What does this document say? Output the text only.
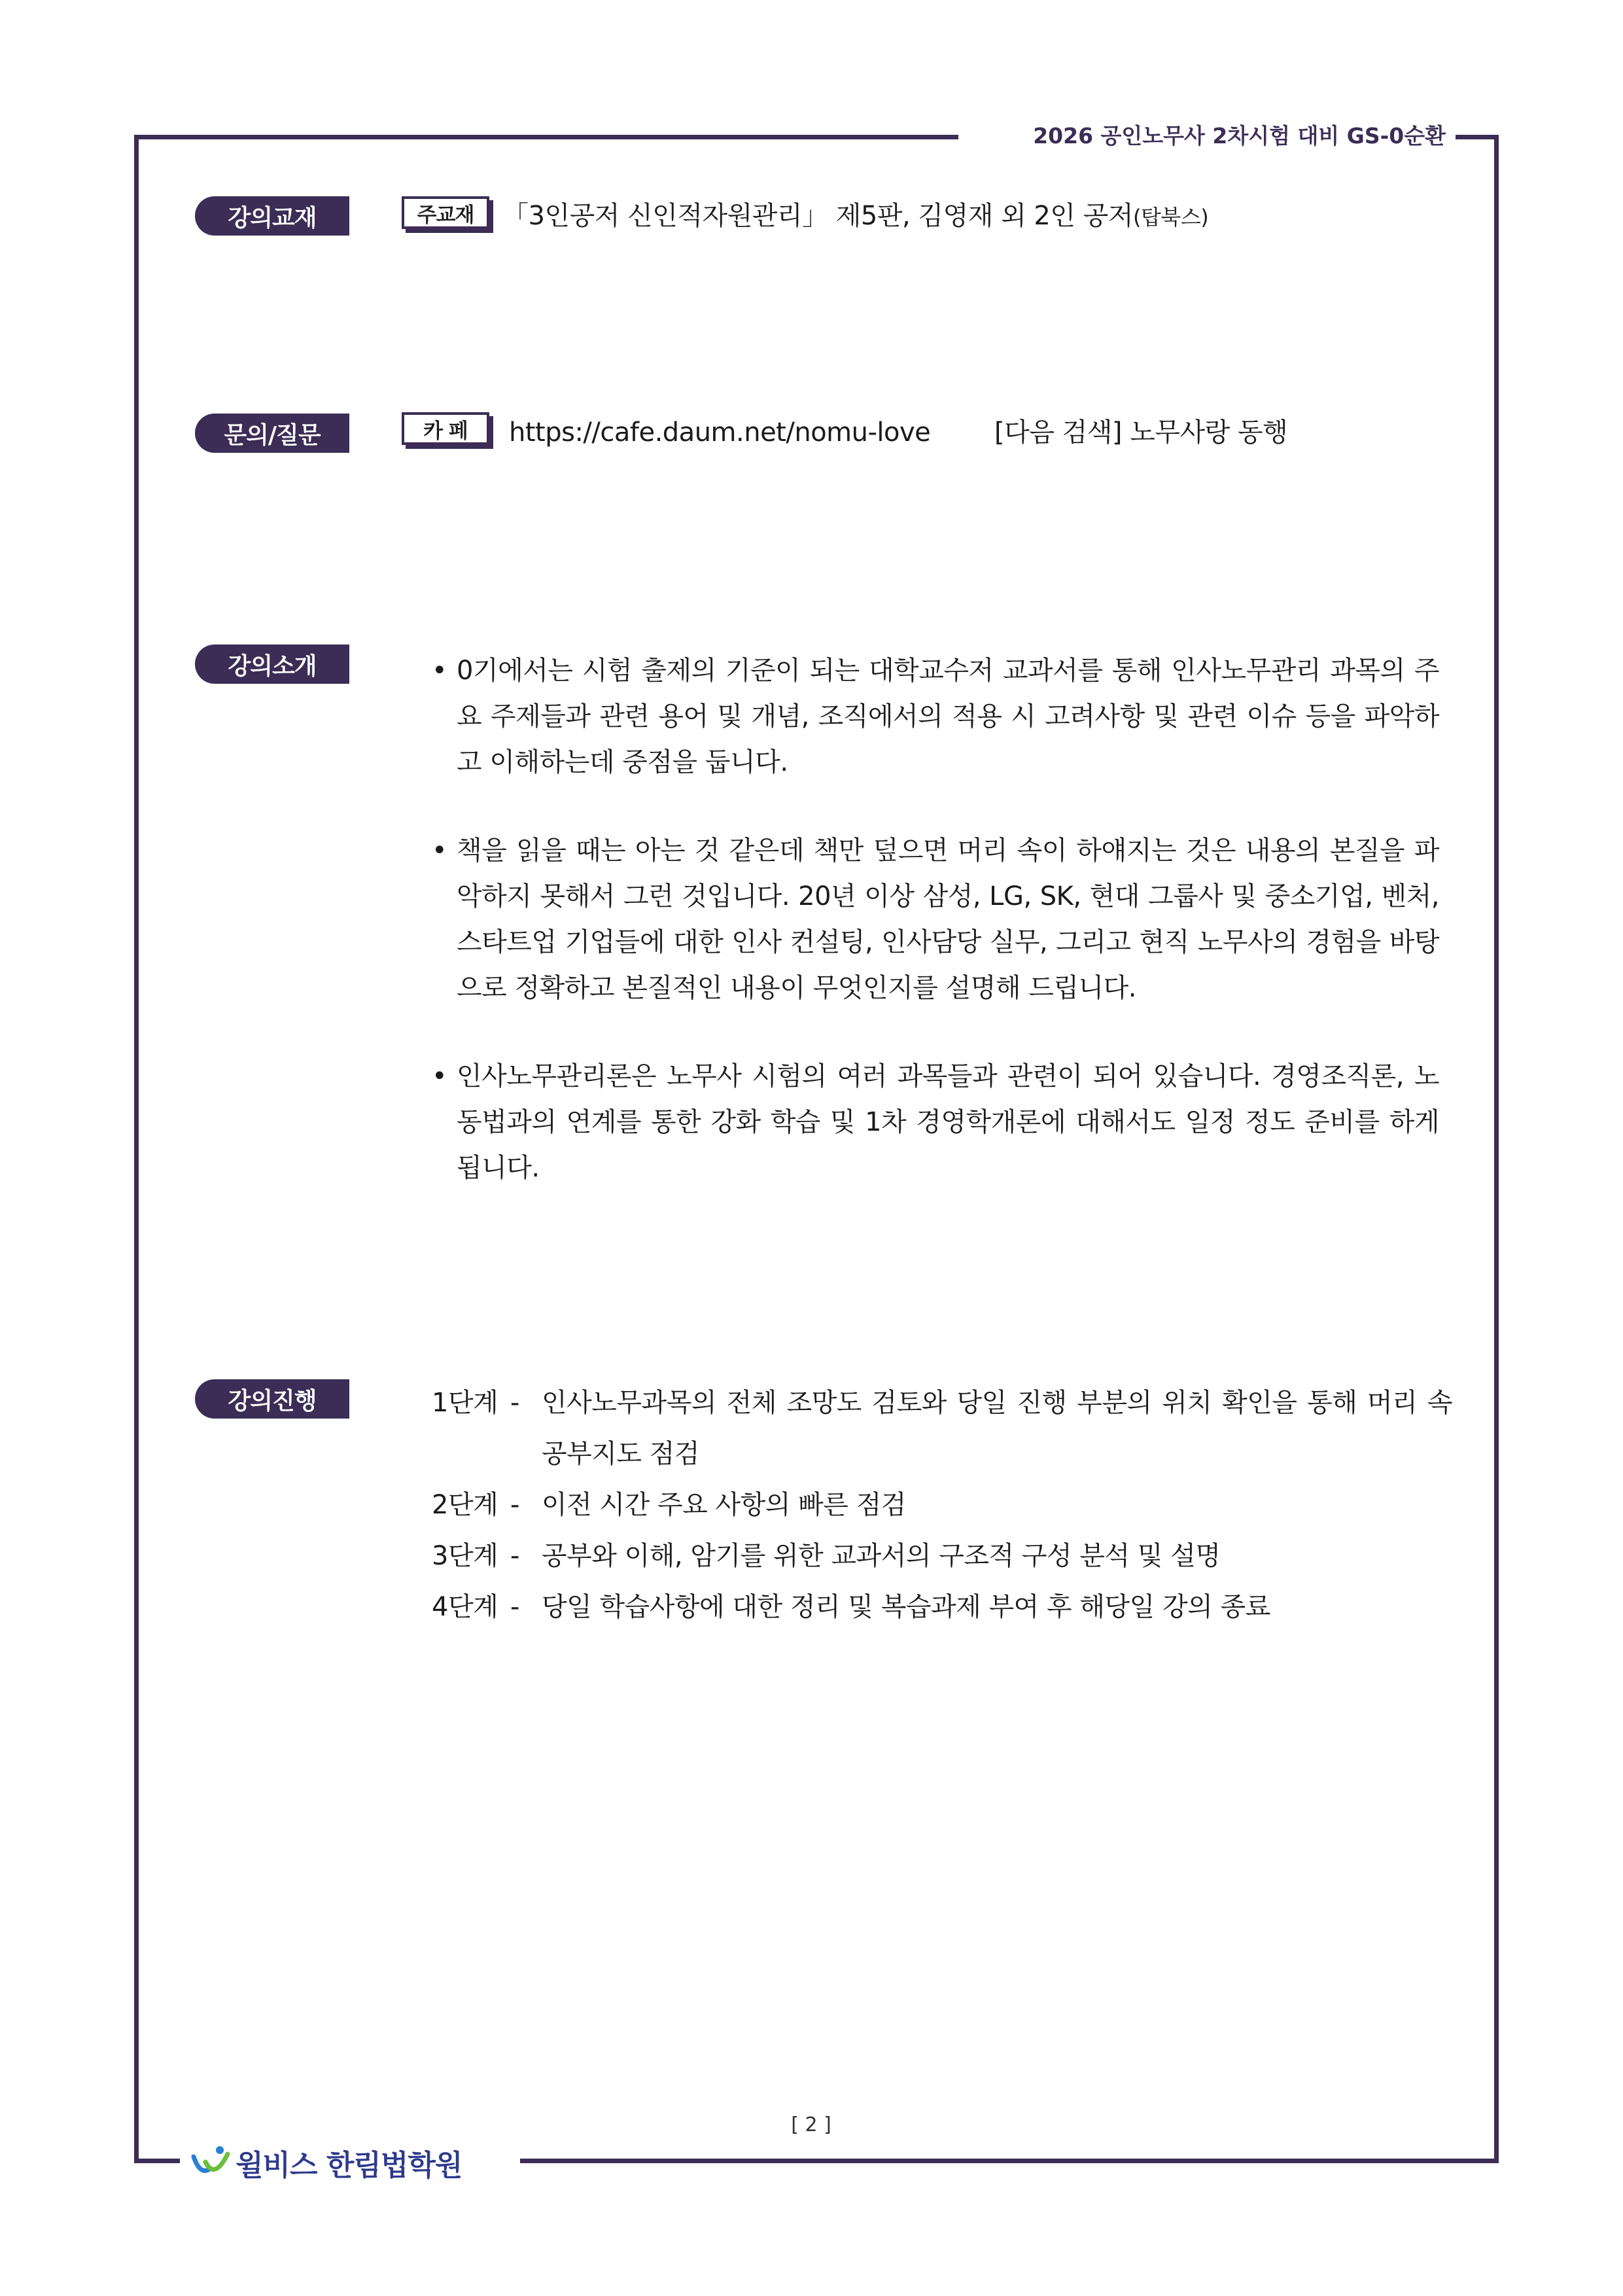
2026 공인노무사 2차시험 대비 GS-0순환
강의교재	주교재	「3인공저 신인적자원관리」 제5판, 김영재 외 2인 공저(탑북스)
문의/질문	카 페	https://cafe.daum.net/nomu-love [다음 검색] 노무사랑 동행
강의소개	• 0기에서는 시험 출제의 기준이 되는 대학교수저 교과서를 통해 인사노무관리 과목의 주요 주제들과 관련 용어 및 개념, 조직에서의 적용 시 고려사항 및 관련 이슈 등을 파악하고 이해하는데 중점을 둡니다.
• 책을 읽을 때는 아는 것 같은데 책만 덮으면 머리 속이 하얘지는 것은 내용의 본질을 파악하지 못해서 그런 것입니다. 20년 이상 삼성, LG, SK, 현대 그룹사 및 중소기업, 벤처, 스타트업 기업들에 대한 인사 컨설팅, 인사담당 실무, 그리고 현직 노무사의 경험을 바탕으로 정확하고 본질적인 내용이 무엇인지를 설명해 드립니다.
• 인사노무관리론은 노무사 시험의 여러 과목들과 관련이 되어 있습니다. 경영조직론, 노동법과의 연계를 통한 강화 학습 및 1차 경영학개론에 대해서도 일정 정도 준비를 하게 됩니다.
강의진행	1단계 - 인사노무과목의 전체 조망도 검토와 당일 진행 부분의 위치 확인을 통해 머리 속 공부지도 점검
2단계 - 이전 시간 주요 사항의 빠른 점검
3단계 - 공부와 이해, 암기를 위한 교과서의 구조적 구성 분석 및 설명
4단계 - 당일 학습사항에 대한 정리 및 복습과제 부여 후 해당일 강의 종료
[ 2 ]
윌비스 한림법학원
